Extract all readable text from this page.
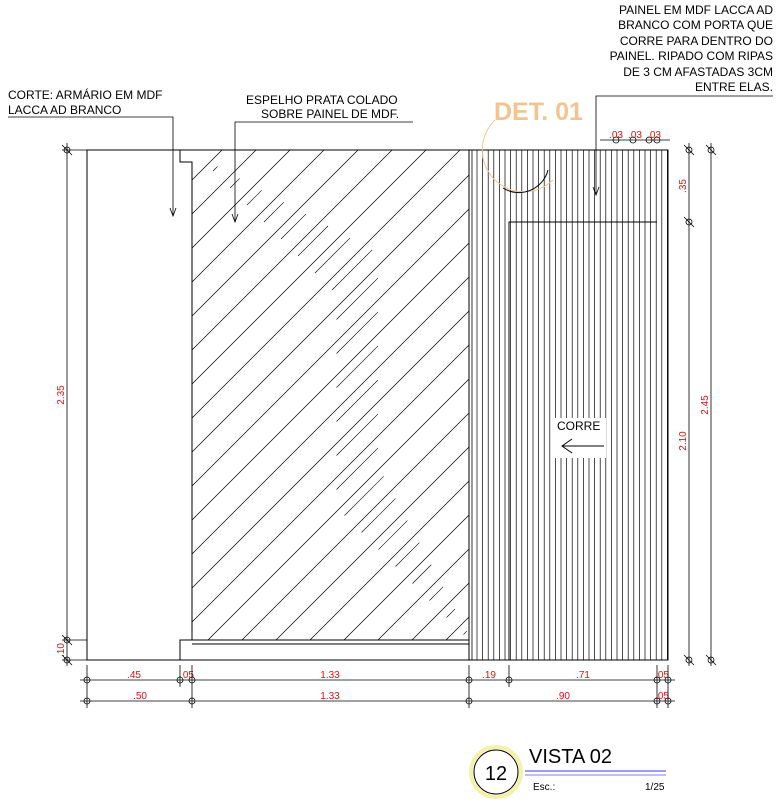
CORRE
DET. 01
CORTE: ARMÁRIO EM MDF
LACCA AD BRANCO
ESPELHO PRATA COLADO
SOBRE PAINEL DE MDF.
PAINEL EM MDF LACCA AD
BRANCO COM PORTA QUE
CORRE PARA DENTRO DO
PAINEL. RIPADO COM RIPAS
DE 3 CM AFASTADAS 3CM
ENTRE ELAS.
2.35
.10
.35
2.10
2.45
.03 .03 .03
.45	.05	1.33	.19	.71	.05
.50	1.33	.90	.05
12
VISTA 02
Esc.:	1/25
